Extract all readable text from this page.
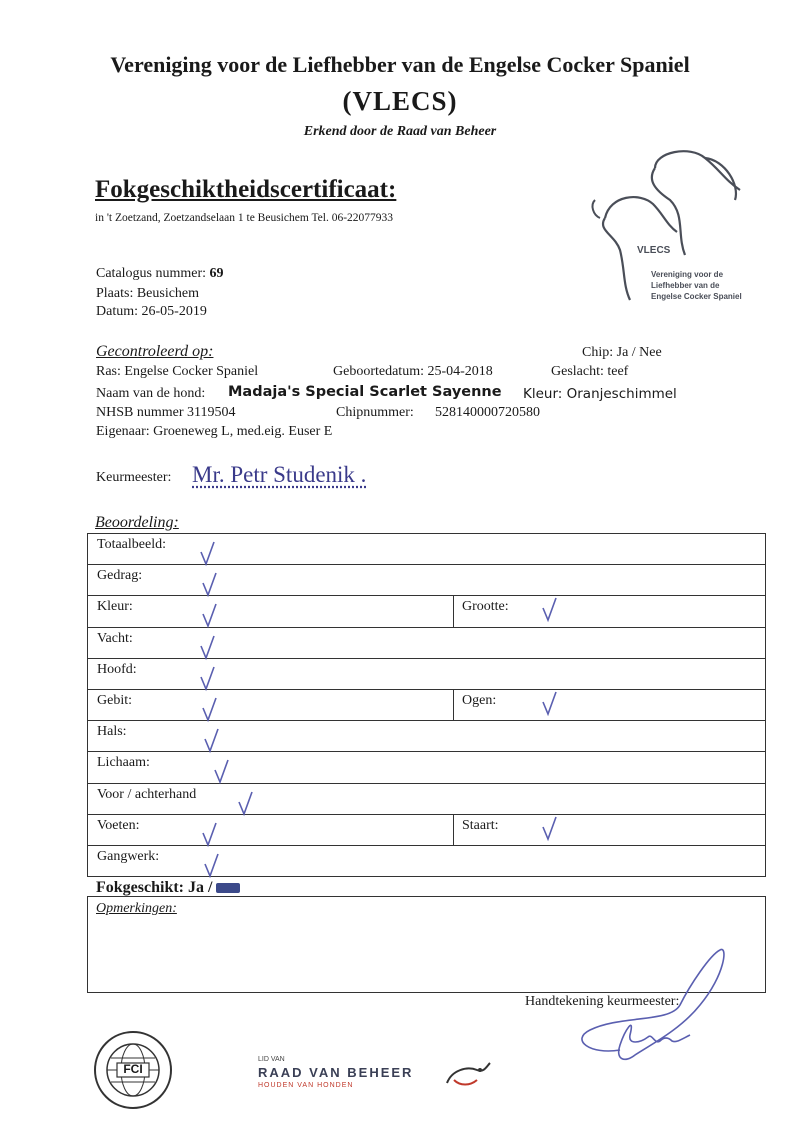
Vereniging voor de Liefhebber van de Engelse Cocker Spaniel
(VLECS)
Erkend door de Raad van Beheer
VLECS
Vereniging voor de
Liefhebber van de
Engelse Cocker Spaniel
Fokgeschiktheidscertificaat:
in 't Zoetzand, Zoetzandselaan 1 te Beusichem Tel. 06-22077933
Catalogus nummer: 69
Plaats: Beusichem
Datum: 26-05-2019
Gecontroleerd op:	Chip: Ja / Nee
Ras: Engelse Cocker Spaniel	Geboortedatum: 25-04-2018	Geslacht: teef
Naam van de hond: Madaja's Special Scarlet Sayenne Kleur: Oranjeschimmel
NHSB nummer 3119504	Chipnummer: 528140000720580
Eigenaar: Groeneweg L, med.eig. Euser E
Keurmeester: Mr. Petr Studenik .
Beoordeling:
Totaalbeeld:
Gedrag:
Kleur:	Grootte:
Vacht:
Hoofd:
Gebit:	Ogen:
Hals:
Lichaam:
Voor / achterhand
Voeten:	Staart:
Gangwerk:
Fokgeschikt: Ja /
Opmerkingen:
Handtekening keurmeester:
FCI
LID VAN
RAAD VAN BEHEER
HOUDEN VAN HONDEN
